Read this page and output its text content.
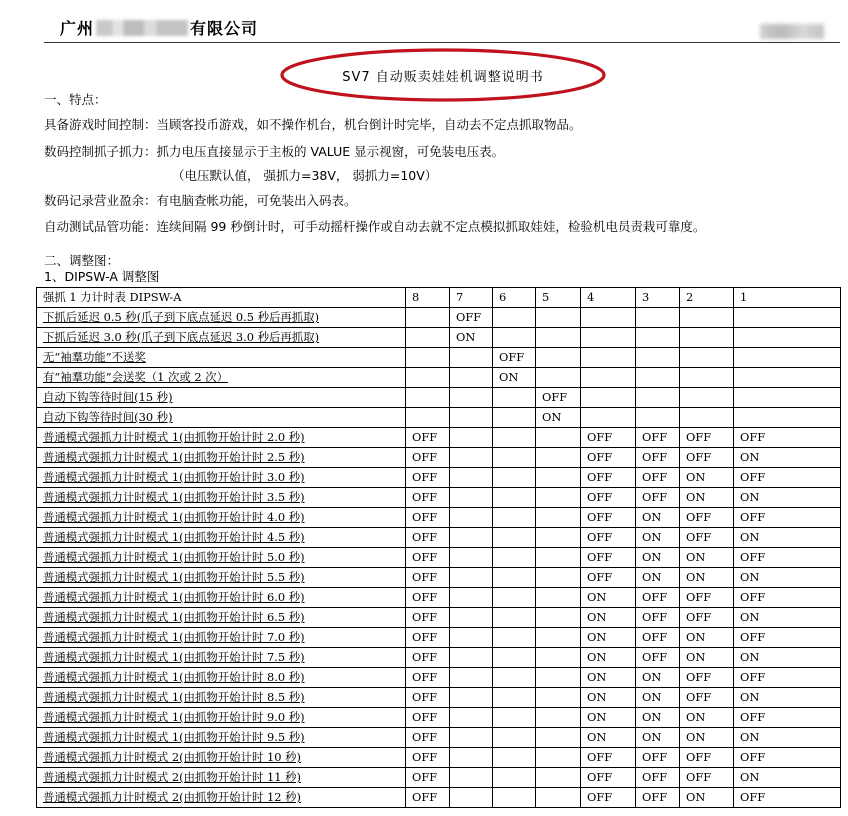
广州	有限公司
SV7 自动贩卖娃娃机调整说明书
一、特点：
具备游戏时间控制：当顾客投币游戏，如不操作机台，机台倒计时完毕，自动去不定点抓取物品。
数码控制抓子抓力：抓力电压直接显示于主板的 VALUE 显示视窗，可免装电压表。
（电压默认值， 强抓力=38V， 弱抓力=10V）
数码记录营业盈余：有电脑查帐功能，可免装出入码表。
自动测试品管功能：连续间隔 99 秒倒计时，可手动摇杆操作或自动去就不定点模拟抓取娃娃，检验机电员责栽可靠度。
二、调整图：
1、DIPSW-A 调整图
强抓 1 力计时表 DIPSW-A	8	7	6	5	4	3	2	1
下抓后延迟 0.5 秒(爪子到下底点延迟 0.5 秒后再抓取)		OFF						
下抓后延迟 3.0 秒(爪子到下底点延迟 3.0 秒后再抓取)		ON						
无“袖羣功能”不送奖			OFF					
有“袖羣功能”会送奖（1 次或 2 次）			ON					
自动下钩等待时间(15 秒)				OFF				
自动下钩等待时间(30 秒)				ON				
普通模式强抓力计时模式 1(由抓物开始计时 2.0 秒)	OFF				OFF	OFF	OFF	OFF
普通模式强抓力计时模式 1(由抓物开始计时 2.5 秒)	OFF				OFF	OFF	OFF	ON
普通模式强抓力计时模式 1(由抓物开始计时 3.0 秒)	OFF				OFF	OFF	ON	OFF
普通模式强抓力计时模式 1(由抓物开始计时 3.5 秒)	OFF				OFF	OFF	ON	ON
普通模式强抓力计时模式 1(由抓物开始计时 4.0 秒)	OFF				OFF	ON	OFF	OFF
普通模式强抓力计时模式 1(由抓物开始计时 4.5 秒)	OFF				OFF	ON	OFF	ON
普通模式强抓力计时模式 1(由抓物开始计时 5.0 秒)	OFF				OFF	ON	ON	OFF
普通模式强抓力计时模式 1(由抓物开始计时 5.5 秒)	OFF				OFF	ON	ON	ON
普通模式强抓力计时模式 1(由抓物开始计时 6.0 秒)	OFF				ON	OFF	OFF	OFF
普通模式强抓力计时模式 1(由抓物开始计时 6.5 秒)	OFF				ON	OFF	OFF	ON
普通模式强抓力计时模式 1(由抓物开始计时 7.0 秒)	OFF				ON	OFF	ON	OFF
普通模式强抓力计时模式 1(由抓物开始计时 7.5 秒)	OFF				ON	OFF	ON	ON
普通模式强抓力计时模式 1(由抓物开始计时 8.0 秒)	OFF				ON	ON	OFF	OFF
普通模式强抓力计时模式 1(由抓物开始计时 8.5 秒)	OFF				ON	ON	OFF	ON
普通模式强抓力计时模式 1(由抓物开始计时 9.0 秒)	OFF				ON	ON	ON	OFF
普通模式强抓力计时模式 1(由抓物开始计时 9.5 秒)	OFF				ON	ON	ON	ON
普通模式强抓力计时模式 2(由抓物开始计时 10 秒)	OFF				OFF	OFF	OFF	OFF
普通模式强抓力计时模式 2(由抓物开始计时 11 秒)	OFF				OFF	OFF	OFF	ON
普通模式强抓力计时模式 2(由抓物开始计时 12 秒)	OFF				OFF	OFF	ON	OFF
